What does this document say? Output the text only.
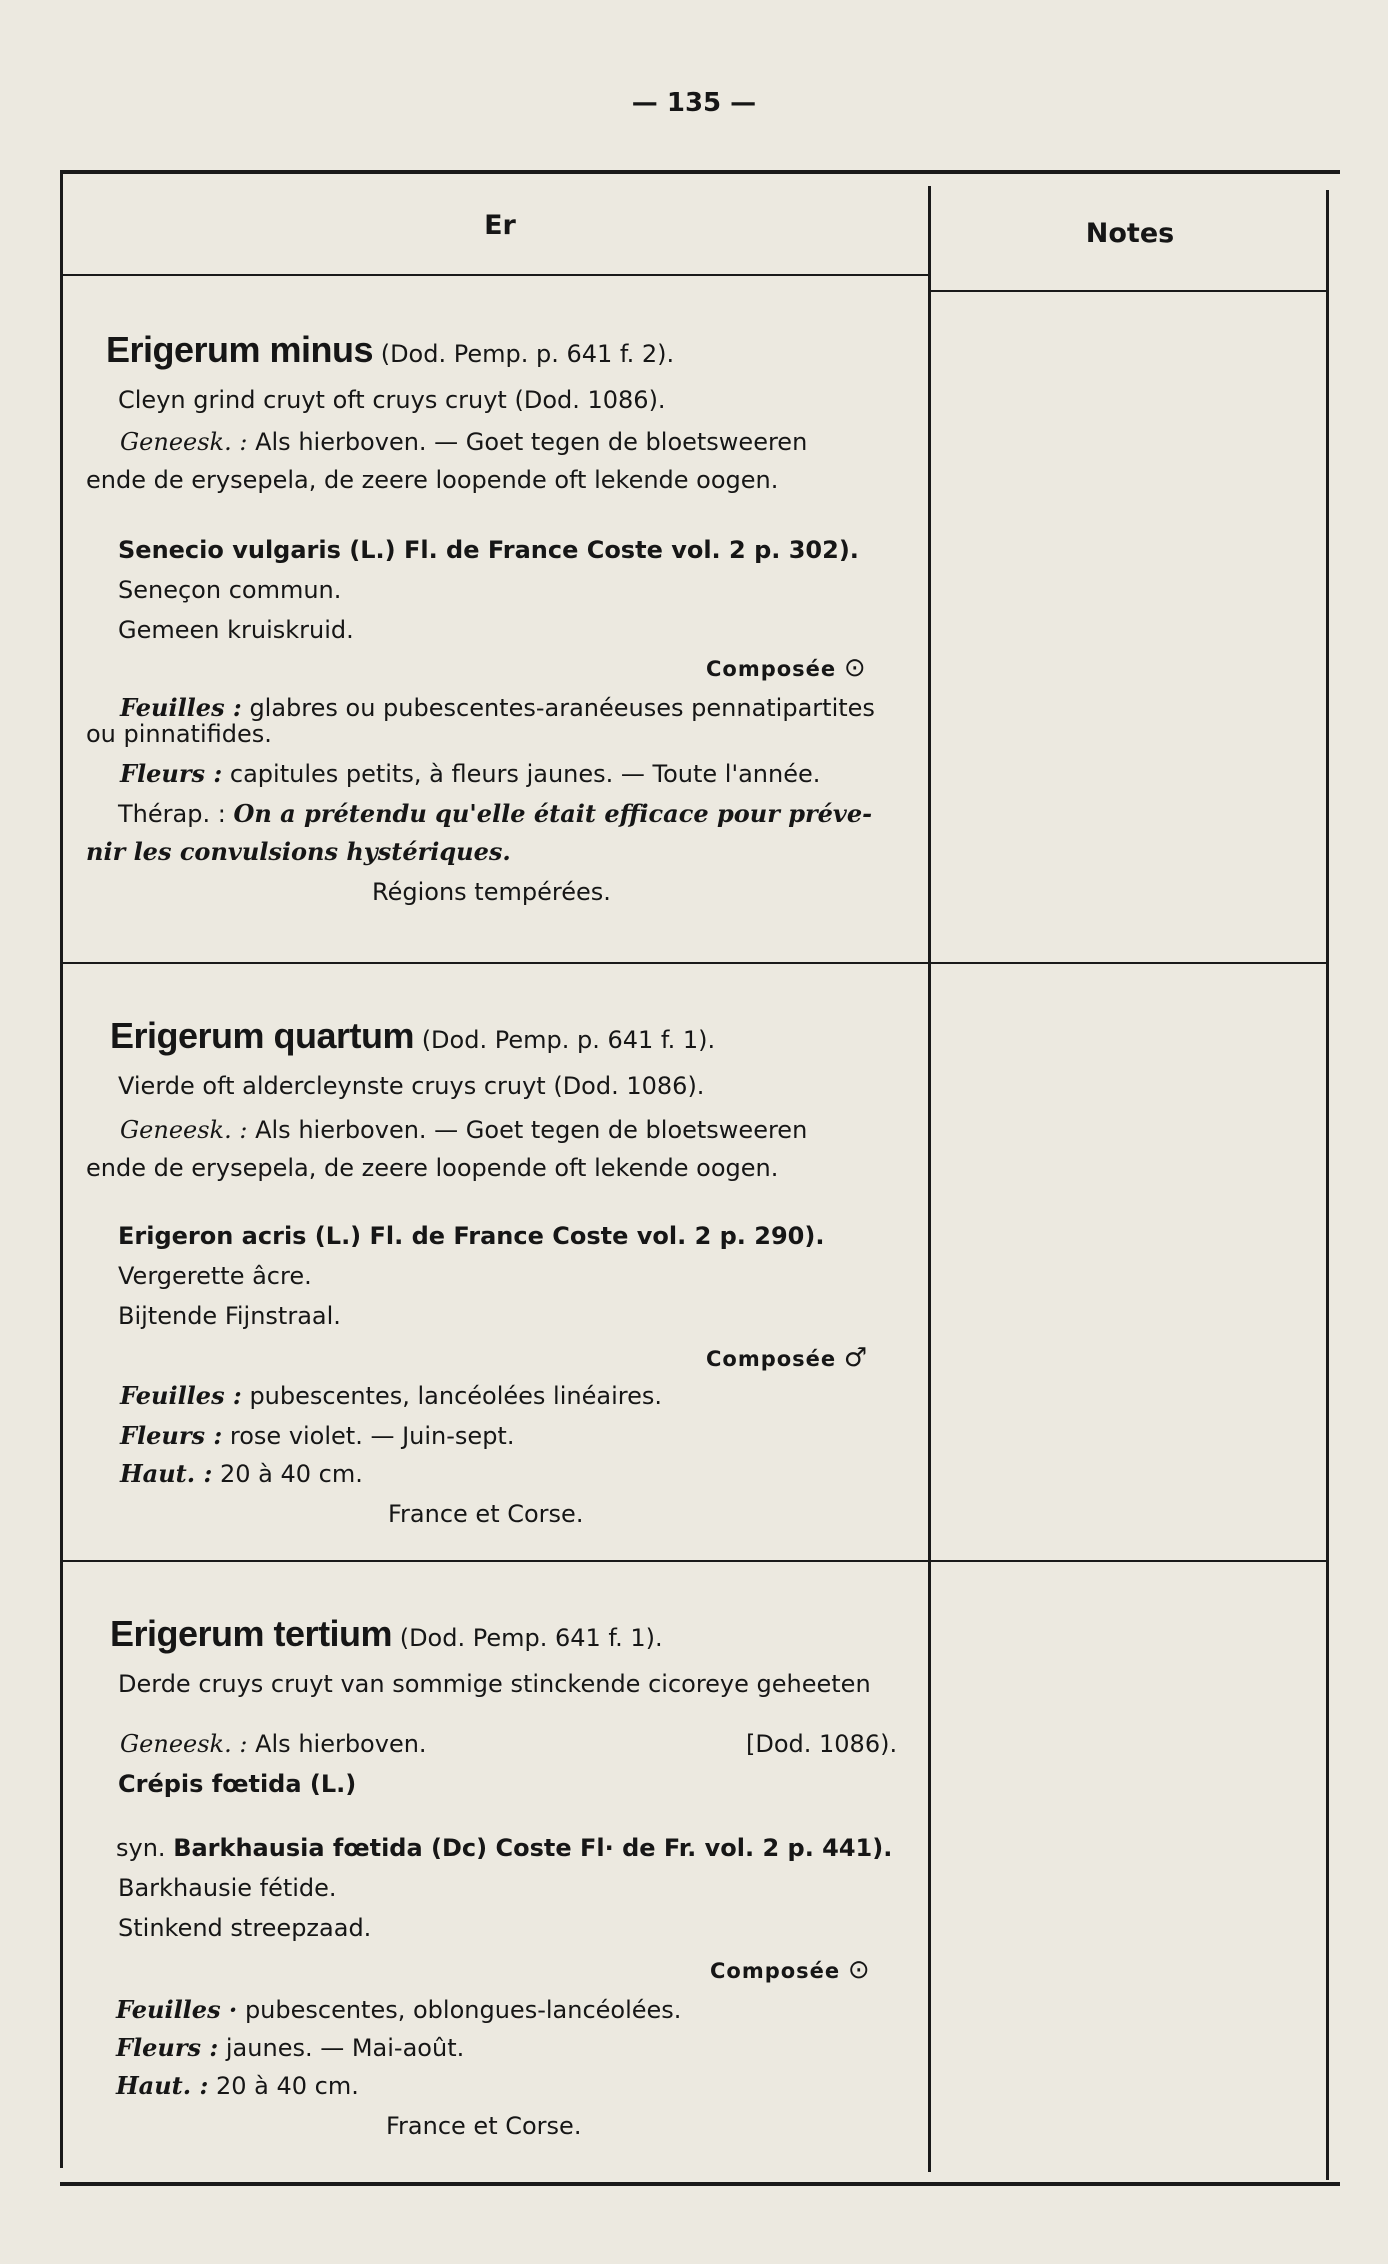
— 135 —
Er	Notes
Erigerum minus (Dod. Pemp. p. 641 f. 2).
Cleyn grind cruyt oft cruys cruyt (Dod. 1086).
Geneesk. : Als hierboven. — Goet tegen de bloetsweeren
ende de erysepela, de zeere loopende oft lekende oogen.
Senecio vulgaris (L.) Fl. de France Coste vol. 2 p. 302).
Seneçon commun.
Gemeen kruiskruid.
Composée ⊙
Feuilles : glabres ou pubescentes-aranéeuses pennatipartites
ou pinnatifides.
Fleurs : capitules petits, à fleurs jaunes. — Toute l'année.
Thérap. : On a prétendu qu'elle était efficace pour préve-
nir les convulsions hystériques.
Régions tempérées.
Erigerum quartum (Dod. Pemp. p. 641 f. 1).
Vierde oft aldercleynste cruys cruyt (Dod. 1086).
Geneesk. : Als hierboven. — Goet tegen de bloetsweeren
ende de erysepela, de zeere loopende oft lekende oogen.
Erigeron acris (L.) Fl. de France Coste vol. 2 p. 290).
Vergerette âcre.
Bijtende Fijnstraal.
Composée ♂
Feuilles : pubescentes, lancéolées linéaires.
Fleurs : rose violet. — Juin-sept.
Haut. : 20 à 40 cm.
France et Corse.
Erigerum tertium (Dod. Pemp. 641 f. 1).
Derde cruys cruyt van sommige stinckende cicoreye geheeten
Geneesk. : Als hierboven.	[Dod. 1086).
Crépis fœtida (L.)
syn. Barkhausia fœtida (Dc) Coste Fl· de Fr. vol. 2 p. 441).
Barkhausie fétide.
Stinkend streepzaad.
Composée ⊙
Feuilles · pubescentes, oblongues-lancéolées.
Fleurs : jaunes. — Mai-août.
Haut. : 20 à 40 cm.
France et Corse.
